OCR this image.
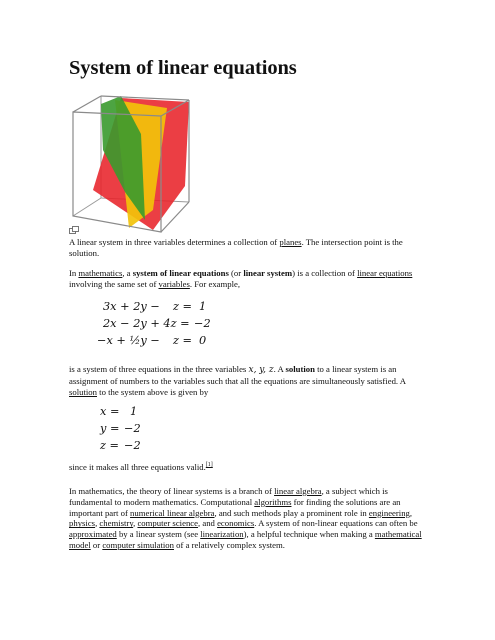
System of linear equations

A linear system in three variables determines a collection of planes. The intersection point is the solution.

In mathematics, a system of linear equations (or linear system) is a collection of linear equations involving the same set of variables. For example,

3x + 2y − z = 1
2x − 2y + 4z = −2
−x + ½y − z = 0

is a system of three equations in the three variables x, y, z. A solution to a linear system is an assignment of numbers to the variables such that all the equations are simultaneously satisfied. A solution to the system above is given by

x = 1
y = −2
z = −2

since it makes all three equations valid.[1]

In mathematics, the theory of linear systems is a branch of linear algebra, a subject which is fundamental to modern mathematics. Computational algorithms for finding the solutions are an important part of numerical linear algebra, and such methods play a prominent role in engineering, physics, chemistry, computer science, and economics. A system of non-linear equations can often be approximated by a linear system (see linearization), a helpful technique when making a mathematical model or computer simulation of a relatively complex system.
